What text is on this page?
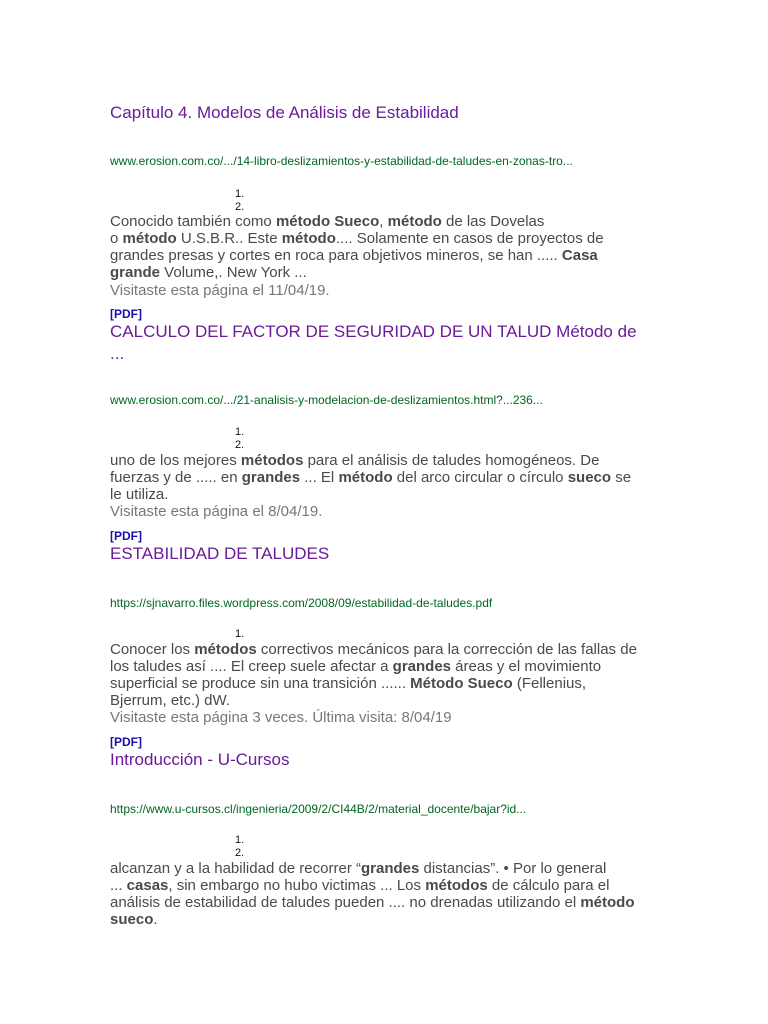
Capítulo 4. Modelos de Análisis de Estabilidad
www.erosion.com.co/.../14-libro-deslizamientos-y-estabilidad-de-taludes-en-zonas-tro...
1.
2.
Conocido también como método Sueco, método de las Dovelas
o método U.S.B.R.. Este método.... Solamente en casos de proyectos de
grandes presas y cortes en roca para objetivos mineros, se han ..... Casa
grande Volume,. New York ...
Visitaste esta página el 11/04/19.
[PDF]
CALCULO DEL FACTOR DE SEGURIDAD DE UN TALUD Método de
...
www.erosion.com.co/.../21-analisis-y-modelacion-de-deslizamientos.html?...236...
1.
2.
uno de los mejores métodos para el análisis de taludes homogéneos. De
fuerzas y de ..... en grandes ... El método del arco circular o círculo sueco se
le utiliza.
Visitaste esta página el 8/04/19.
[PDF]
ESTABILIDAD DE TALUDES
https://sjnavarro.files.wordpress.com/2008/09/estabilidad-de-taludes.pdf
1.
Conocer los métodos correctivos mecánicos para la corrección de las fallas de
los taludes así .... El creep suele afectar a grandes áreas y el movimiento
superficial se produce sin una transición ...... Método Sueco (Fellenius,
Bjerrum, etc.) dW.
Visitaste esta página 3 veces. Última visita: 8/04/19
[PDF]
Introducción - U-Cursos
https://www.u-cursos.cl/ingenieria/2009/2/CI44B/2/material_docente/bajar?id...
1.
2.
alcanzan y a la habilidad de recorrer “grandes distancias”. • Por lo general
... casas, sin embargo no hubo victimas ... Los métodos de cálculo para el
análisis de estabilidad de taludes pueden .... no drenadas utilizando el método
sueco.
